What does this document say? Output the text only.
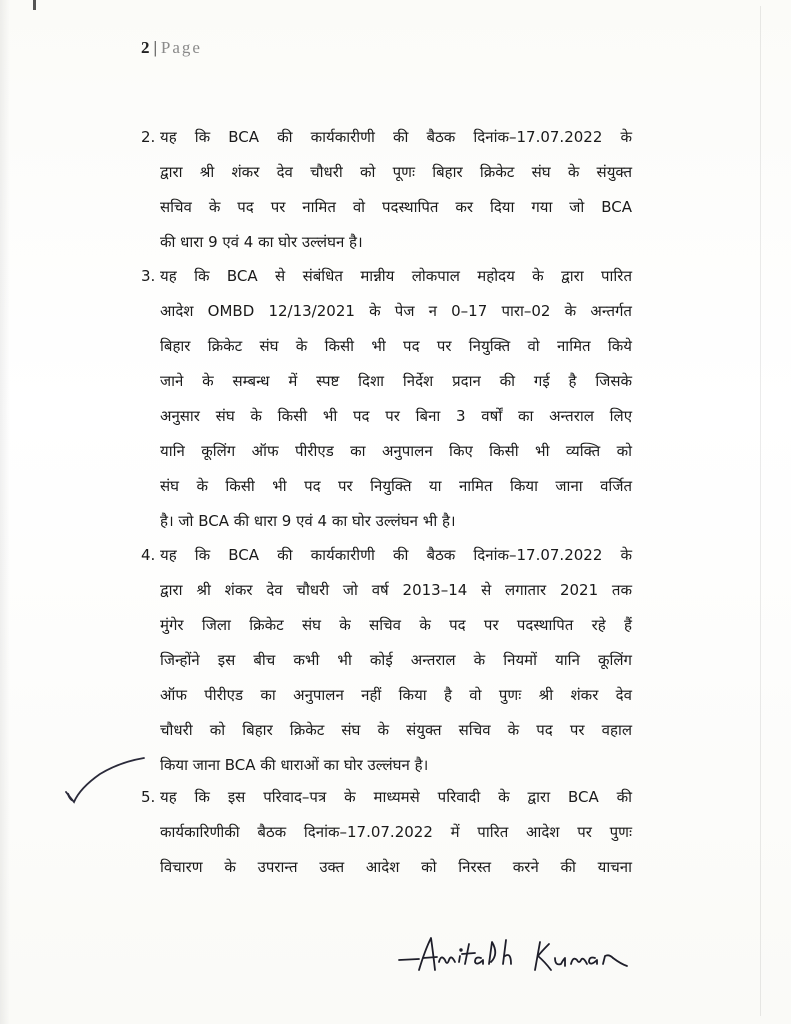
2 | Page
2. यह कि BCA की कार्यकारीणी की बैठक दिनांक–17.07.2022 के
द्वारा श्री शंकर देव चौधरी को पूणः बिहार क्रिकेट संघ के संयुक्त
सचिव के पद पर नामित वो पदस्थापित कर दिया गया जो BCA
की धारा 9 एवं 4 का घोर उल्लंघन है।
3. यह कि BCA से संबंधित मान्नीय लोकपाल महोदय के द्वारा पारित
आदेश OMBD 12/13/2021 के पेज न 0–17 पारा–02 के अन्तर्गत
बिहार क्रिकेट संघ के किसी भी पद पर नियुक्ति वो नामित किये
जाने के सम्बन्ध में स्पष्ट दिशा निर्देश प्रदान की गई है जिसके
अनुसार संघ के किसी भी पद पर बिना 3 वर्षों का अन्तराल लिए
यानि कूलिंग ऑफ पीरीएड का अनुपालन किए किसी भी व्यक्ति को
संघ के किसी भी पद पर नियुक्ति या नामित किया जाना वर्जित
है। जो BCA की धारा 9 एवं 4 का घोर उल्लंघन भी है।
4. यह कि BCA की कार्यकारीणी की बैठक दिनांक–17.07.2022 के
द्वारा श्री शंकर देव चौधरी जो वर्ष 2013–14 से लगातार 2021 तक
मुंगेर जिला क्रिकेट संघ के सचिव के पद पर पदस्थापित रहे हैं
जिन्होंने इस बीच कभी भी कोई अन्तराल के नियमों यानि कूलिंग
ऑफ पीरीएड का अनुपालन नहीं किया है वो पुणः श्री शंकर देव
चौधरी को बिहार क्रिकेट संघ के संयुक्त सचिव के पद पर वहाल
किया जाना BCA की धाराओं का घोर उल्लंघन है।
5. यह कि इस परिवाद–पत्र के माध्यमसे परिवादी के द्वारा BCA की
कार्यकारिणीकी बैठक दिनांक–17.07.2022 में पारित आदेश पर पुणः
विचारण के उपरान्त उक्त आदेश को निरस्त करने की याचना
